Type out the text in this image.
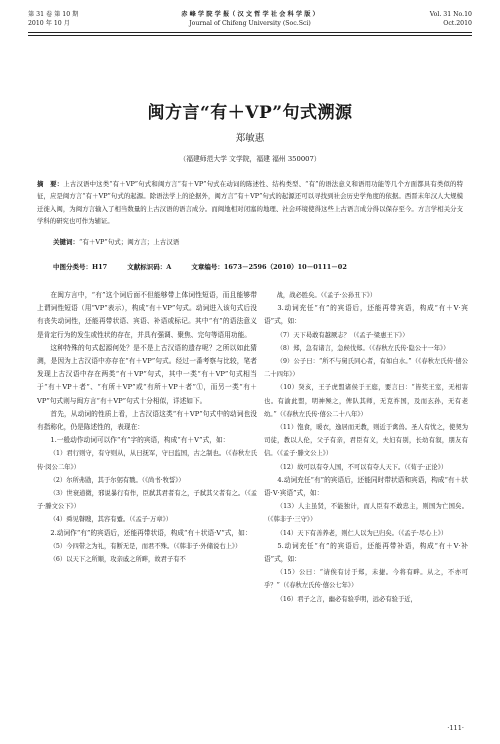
第 31 卷 第 10 期
2010 年 10 月
赤 峰 学 院 学 报（ 汉 文 哲 学 社 会 科 学 版 ）
Journal of Chifeng University (Soc.Sci)
Vol. 31 No.10
Oct.2010
闽方言“有＋VP”句式溯源
郑敏惠
（福建师范大学 文学院，福建 福州 350007）
摘　要：上古汉语中这类“有＋VP”句式和闽方言“有＋VP”句式在动词的陈述性、结构类型、“有”的语法意义和语用功能等几个方面都具有类似的特征，应是闽方言“有＋VP”句式的起源。除语法学上的论据外，闽方言“有＋VP”句式的起源还可以寻找到社会历史学角度的依据。西晋末年汉人大规模迁徙入闽，为闽方言输入了相当数量的上古汉语的语言成分。而闽地相对闭塞的地理、社会环境使得这些上古语言成分得以保存至今。方言学相关分支学科的研究也可作为辅证。
关键词：“有＋VP”句式；闽方言；上古汉语
中图分类号：H17	文献标识码：A	文章编号：1673－2596（2010）10－0111－02

在闽方言中，“有”这个词后面不但能够带上体词性短语，而且能够带上谓词性短语（用“VP”表示），构成“有＋VP”句式。动词进入该句式后没有丧失动词性，还能再带状语、宾语、补语或标记。其中“有”的语法意义是肯定行为的发生或性状的存在，并具有强调、聚焦、完句等语用功能。

这种特殊的句式起源何处？是不是上古汉语的遗存呢？之所以如此猜测，是因为上古汉语中亦存在“有＋VP”句式。经过一番考察与比较，笔者发现上古汉语中存在两类“有＋VP”句式，其中一类“有＋VP”句式相当于“有＋VP＋者”、“有所＋VP”或“有所＋VP＋者”①，而另一类“有＋VP”句式则与闽方言“有＋VP”句式十分相似，详述如下。

首先，从动词的性质上看，上古汉语这类“有＋VP”句式中的动词也没有指称化，仍是陈述性的，表现在：

1.一般动作动词可以作“有”字的宾语，构成“有＋V”式，如：

（1）君行则守，有守则从，从曰抚军，守曰监国，古之制也。（《春秋左氏传·闵公二年》）

（2）尔所弗勖，其于尔躬有戮。（《尚书·牧誓》）

（3）世衰道微，邪说暴行有作，臣弑其君者有之，子弑其父者有之。（《孟子·滕文公下》）

（4）舜见瞽瞍，其容有蹙。（《孟子·万章》）

2.动词作“有”的宾语后，还能再带状语，构成“有＋状语·V”式，如：

（5）今四带之为礼，有断无是，而君不殊。（《韩非子·外储说右上》）

（6）以天下之所顺，攻亲戚之所畔，故君子有不

战，战必胜矣。（《孟子·公孙丑下》）

3.动词充任“有”的宾语后，还能再带宾语，构成“有＋V·宾语”式，如：

（7）天下曷敢有越厥志？（《孟子·梁惠王下》）

（8）郑，急有诸言，急候伐郑。（《春秋左氏传·隐公十一年》）

（9）公子曰：“所不与舅氏同心者，有如白水。”（《春秋左氏传·僖公二十四年》）

（10）癸亥，王子虎盟诸侯于王庭，要言曰：“皆奖王室，无相害也。有渝此盟，明神殛之，俾队其师，无克祚国，及而玄孙，无有老幼。”（《春秋左氏传·僖公二十八年》）

（11）饱食，暖衣，逸居而无教，则近于禽兽。圣人有忧之，使契为司徒，教以人伦，父子有亲，君臣有义，夫妇有别，长幼有叙，朋友有信。（《孟子·滕文公上》）

（12）故可以有夺人国，不可以有夺人天下。（《荀子·正论》）

4.动词充任“有”的宾语后，还能同时带状语和宾语，构成“有＋状语·V·宾语”式，如：

（13）人主虽贤，不能独计，而人臣有不敢忠主，则国为亡国矣。（《韩非子·三守》）

（14）天下有善养老，则仁人以为已归矣。（《孟子·尽心上》）

5.动词充任“有”的宾语后，还能再带补语，构成“有＋V·补语”式，如：

（15）公曰：“请俟有讨于郑，未捷。今将有畔。从之，不亦可乎？”（《春秋左氏传·僖公七年》）

（16）君子之言，幽必有验乎明，远必有验于近，

·111·
